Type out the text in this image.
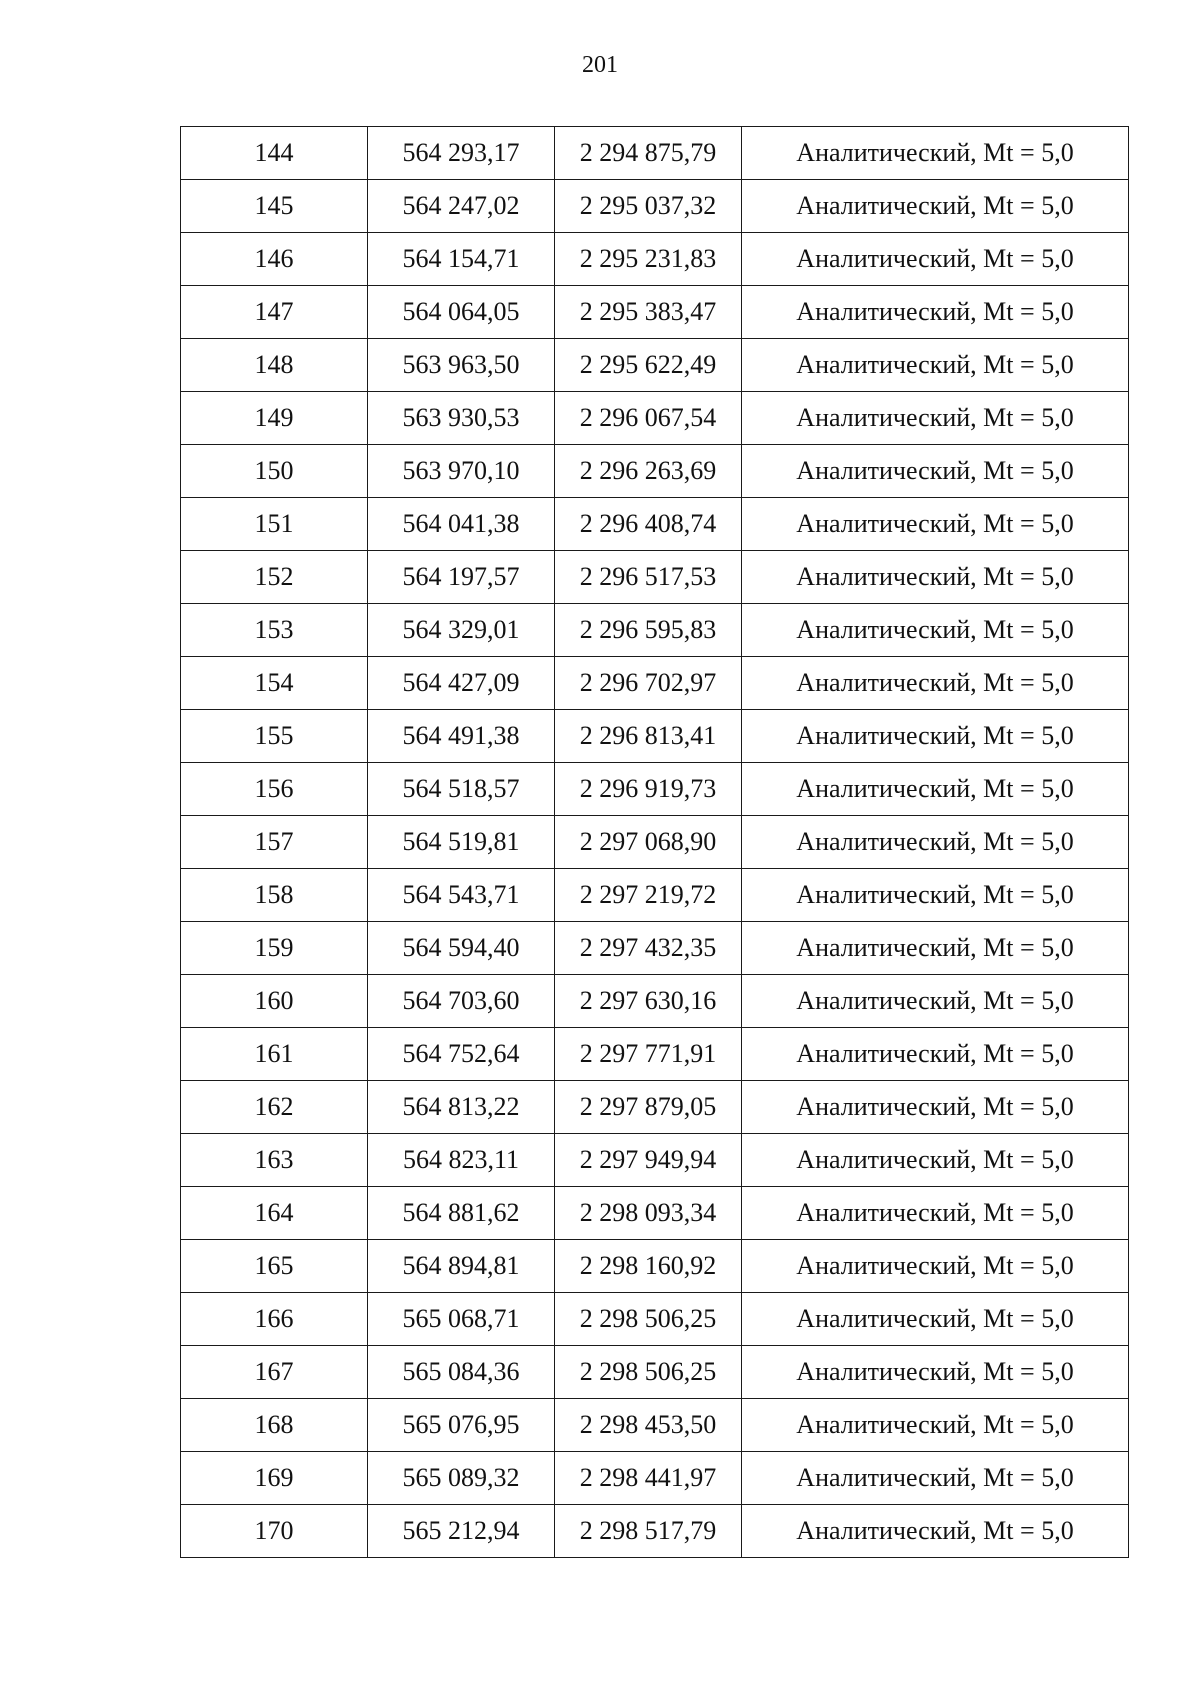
201
144	564 293,17	2 294 875,79	Аналитический, Mt = 5,0
145	564 247,02	2 295 037,32	Аналитический, Mt = 5,0
146	564 154,71	2 295 231,83	Аналитический, Mt = 5,0
147	564 064,05	2 295 383,47	Аналитический, Mt = 5,0
148	563 963,50	2 295 622,49	Аналитический, Mt = 5,0
149	563 930,53	2 296 067,54	Аналитический, Mt = 5,0
150	563 970,10	2 296 263,69	Аналитический, Mt = 5,0
151	564 041,38	2 296 408,74	Аналитический, Mt = 5,0
152	564 197,57	2 296 517,53	Аналитический, Mt = 5,0
153	564 329,01	2 296 595,83	Аналитический, Mt = 5,0
154	564 427,09	2 296 702,97	Аналитический, Mt = 5,0
155	564 491,38	2 296 813,41	Аналитический, Mt = 5,0
156	564 518,57	2 296 919,73	Аналитический, Mt = 5,0
157	564 519,81	2 297 068,90	Аналитический, Mt = 5,0
158	564 543,71	2 297 219,72	Аналитический, Mt = 5,0
159	564 594,40	2 297 432,35	Аналитический, Mt = 5,0
160	564 703,60	2 297 630,16	Аналитический, Mt = 5,0
161	564 752,64	2 297 771,91	Аналитический, Mt = 5,0
162	564 813,22	2 297 879,05	Аналитический, Mt = 5,0
163	564 823,11	2 297 949,94	Аналитический, Mt = 5,0
164	564 881,62	2 298 093,34	Аналитический, Mt = 5,0
165	564 894,81	2 298 160,92	Аналитический, Mt = 5,0
166	565 068,71	2 298 506,25	Аналитический, Mt = 5,0
167	565 084,36	2 298 506,25	Аналитический, Mt = 5,0
168	565 076,95	2 298 453,50	Аналитический, Mt = 5,0
169	565 089,32	2 298 441,97	Аналитический, Mt = 5,0
170	565 212,94	2 298 517,79	Аналитический, Mt = 5,0
